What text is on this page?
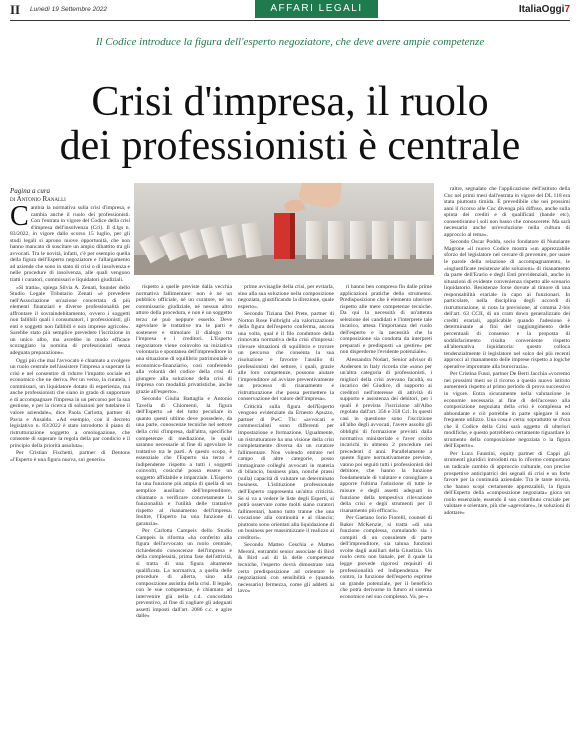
II Lunedì 19 Settembre 2022	AFFARI LEGALI	ItaliaOggi7
Il Codice introduce la figura dell'esperto negoziatore, che deve avere ampie competenze
Crisi d'impresa, il ruolo
dei professionisti è centrale
Pagina a cura
di Antonio Ranalli

Cambia la normativa sulla crisi d'impresa, e cambia anche il ruolo dei professionisti. Con l'entrata in vigore del Codice della crisi d'impresa dell'insolvenza (Cci). Il d.lgs n. 83/2022, in vigore dallo scorso 15 luglio, per gli studi legali si aprono nuove opportunità, che non hanno mancato di suscitare un ampio dibattito tra gli avvocati. Tra le novità, infatti, c'è per esempio quella della figura dell'Esperto negoziatore e l'allargamento ad aziende che sono in stato di crisi o di insolvenza e nelle procedure di insolvenza, alle quali vengono tratti i curatori, commissari e liquidatori giudiziali.

«Si tratta», spiega Silvia A. Zenati, founder dello Studio Legale Tributario Zenati «è prevedere nell'Associazione un'azione concertata di più elementi finanziari e diverse professionalità per affrontare il sovraindebitamento, ovvero i soggetti non fallibili quali i consumatori, i professionisti, gli enti e soggetti non fallibili e non imprese agricole». Sarebbe stato più semplice prevedere l'iscrizione in un unico albo, ma avrebbe in modo efficace scoraggiato la nomina di professionisti senza adeguata preparazione».

Oggi più che mai l'avvocato è chiamato a svolgere un ruolo centrale nell'assistere l'impresa a superare la crisi e nel consentire di ridurre l'impatto sociale ed economico che ne deriva. Per un verso, la curatela, i commissari, un liquidatore dotato di esperienza, ma anche professionisti che siano in grado di supportare e di accompagnare l'impresa in un percorso per la sua gestione, e per la ricerca di soluzioni per tutelarne il valore aziendale», dice Paola Carlotta, partner di Pavia e Ansaldo. «Ad esempio, con il decreto legislativo n. 83/2022 è stato introdotto il piano di ristrutturazione soggetto a omologazione, che consente di superare la regola della par condicio e il principio della priorità assoluta».

Per Cristian Fischetti, partner di Dentons «l'Esperto è una figura nuova, sui generis»

rispetto a quelle previste dalla vecchia normativa fallimentare: non è né un pubblico ufficiale, né un curatore, né un commissario giudiziale, né nessun altro attore della procedura, e non è un soggetto terzo né può neppure esserlo. Deve agevolare le trattative tra le parti e sostenere e stimolare il dialogo tra l'impresa e i creditori. L'Esperto negoziatore viene coinvolto su iniziativa volontaria e spontanea dell'imprenditore in una situazione di squilibrio patrimoniale o economico-finanziario, così conferendo alla volontà del codice della crisi di giungere alla soluzione della crisi di impresa con modalità privatistiche, anche grazie all'esperto».

Secondo Giulia Battaglia e Antonio Tavella di Chiomenti, la figura dell'Esperto «è del tutto peculiare in quanto questi ultimo deve possedere, da una parte, conoscenze tecniche nel settore della crisi d'impresa, dall'altra, specifiche competenze di mediazione, le quali saranno necessarie al fine di agevolare le trattative tra le parti. A questo scopo, è essenziale che l'Esperto sia terzo e indipendente rispetto a tutti i soggetti coinvolti, cosicché possa essere un soggetto affidabile e imparziale. L'Esperto ha una funzione più ampia di quella di un semplice ausiliario dell'imprenditore, chiamato a verificare concretamente la funzionalità e l'utilità delle trattative rispetto al risanamento dell'impresa. Inoltre, l'Esperto ha una funzione di garanzia».

Per Carlotta Campeis dello Studio Campeis la riforma «ha conferito alla figura dell'avvocato un ruolo centrale, richiedendo conoscenze dell'impresa e della complessità, prima fase dell'attività, si tratta di una figura altamente qualificata. La normativa, a quella delle procedure di allerta, sino alla composizione assistita della crisi. Il legale, con le sue competenze, è chiamato ad intervenire già nella c.d. concordato preventivo, al fine di vagliare gli adeguati assetti imposti dall'art. 2086 c.c. e agire dalle»

prime avvisaglie della crisi, per evitarla, sino alla sua soluzione nella composizione negoziata, giustificando la direzione, quale esperto».

Secondo Tiziana Del Prete, partner di Norton Rose Fulbright «la valorizzazione della figura dell'esperto conferma, ancora una volta, qual è il filo conduttore della rinnovata normativa della crisi d'impresa: rilevare situazioni di squilibrio e trovare un percorso che consenta la sua risoluzione e favorire l'ausilio di professionisti del settore, i quali, grazie alle loro competenze, possono aiutare l'imprenditore ad avviare preventivamente un processo di risanamento e ristrutturazione che possa permettere la conservazione del valore dell'impresa».

Criticità sulla figura dell'Esperto vengono evidenziate da Ernesto Apuzzo, partner di PwC Tls: «avvocati e commercialisti sono differenti per impostazione e formazione. Ugualmente, un ristrutturatore ha una visione della crisi completamente diversa da un curatore fallimentare. Non volendo entrare nel campo di altre categorie, posso immaginare colleghi avvocati in materia di bilancio, business plan, nonché prassi (sulla) capacità di valutare un determinato business. L'istituzione professionale dell'Esperto rappresenta un'altra criticità. Se si va a vedere le liste degli Esperti, si potrà osservare come molti siano curatori fallimentari, hanno tutto tranne che una vocazione alla continuità e al rilancio; piuttosto sono orientati alla liquidazione di un business per massimizzare il realizzo ai creditori».

Secondo Matteo Ceschia e Matteo Meroni, entrambi senior associate di Bird & Bird «al di là delle competenze tecniche, l'esperto dovrà dimostrare una certa predisposizione ad orientare le negoziazioni con sensibilità e (quando necessario) fermezza, come gli addetti ai lavo»

ri hanno ben compreso fin dalle prime applicazioni pratiche dello strumento. Predisposizione che è elemento ulteriore rispetto alle mere competenze tecniche. Da qui la necessità di un'attenta selezione dei candidati e l'interprete tale incarico, attesa l'importanza del ruolo dell'esperto e la necessità che la composizione sia condotta da interpreti preparati e predisposti «a gestire» per non disperderne l'evidente potenziale».

Alessandra Nodari, Senior advisor di Andersen in Italy ricorda che «sono per un'altra categoria di professionisti, i migliori della crisi avevano facoltà, su incarico del Giudice, di supporto ai creditori nell'interesse di attività di supporto e assistenza dei debitori, per i quali è prevista l'iscrizione all'Albo regolato dall'art. 356 e 358 Cci. In questi casi in questione sono l'iscrizione all'albo degli avvocati, l'avere assolto gli obblighi di formazione previsti dalla normativa ministeriale e l'aver svolto incarichi in almeno 2 procedure nei precedenti 4 anni. Parallelamente a queste figure normativamente previste, vanno poi seguiti tutti i professionisti del debitore, che hanno la funzione fondamentale di valutare e consigliare a apporre l'ultima l'adozione di tutte le misure e degli assetti adeguati in funzione della tempestiva rilevazione della crisi e degli strumenti per il risanamento più efficaci».

Per Gaetano Iorio Fiorelli, counsel di Baker McKenzie, si tratta «di una funzione complessa, cumulando sia i compiti di un consulente di parte dell'imprenditore, sia taluna funzioni svolte dagli ausiliari della Giustizia. Un ruolo certo non banale, per il quale la legge prevede rigorosi requisiti di professionalità ed indipendenza. Per contro, la funzione dell'esperto esprime un grande potenziale, per il beneficio che potrà derivarne in futuro al sistema economico nel suo complesso. Va, pe-»

raltre, segnalato che l'applicazione dell'istituto della Cnc nei primi mesi dall'entrata in vigore del DL 118 era stata piuttosto timida. È prevedibile che nei prossimi anni il ricorso alle Cnc divenga più diffuso, anche sulla spinta dei crediti e di qualificati (bande etc), consentiranno i soli non basso che conoscerete. Ma sarà necessario anche un'evoluzione nella cultura di approccio al tema».

Secondo Oscar Podda, socio fondatore di Nunziante Magrone «il nuovo Codice mostra «un apprezzabile sforzo del legislatore nel cercare di prevenire, per usare le parole della relazione di accompagnamento, le «ingiustificate resistenze alle soluzioni» di risanamento da parte dell'Erario e degli Enti previdenziali, anche in situazioni di evidente convenienza rispetto alle scenario liquidatorio. Resistenze forse dovute al timore di una responsabilità erariale in capo ai funzionari. In particolare, nella disciplina degli accordi di ristrutturazione, si nota la previsione, al comma 2-bis dell'art. 63 CCII, di un cram down generalizzato dei crediti erariali, applicabile quando l'adesione è determinante ai fini del raggiungimento delle percentuali di consenso e la proposta di soddisfacimento risulta conveniente rispetto all'alternativa liquidatoria: questo colloca tendenzialmente il legislatore nel solco dei più recenti approcci al risanamento delle imprese rispetto a logiche operative improntate alla burocrazia».

Per Cristina Fussi, partner De Berti Jacchia «vorremo nei prossimi mesi se il ricorso a questo nuovo istituto aumenterà rispetto al primo periodo di prova successivo in vigore. Entra sicuramente nella valutazione le economie necessaria al fine di dell'accesso alla composizione negoziata della crisi è complessa ed abbondante e ciò potrebbe in parte spiegare il non frequente utilizzo. Una cosa è certa: soprattutto se d'ora che il Codice della Crisi sarà oggetto di ulteriori modifiche, e questo potrebbero certamente riguardare lo strumento della composizione negoziata o la figura dell'Esperto».

Per Luca Faustini, equity partner di Cappi gli strumenti giuridici introdotti ma lo riformo comportano un radicale cambio di approccio culturale, con precise prospettive anticipatrici dei segnali di crisi e un forte favore per la continuità aziendale. Tra le tante novità, che hanno scopi certamente apprezzabili, la figura dell'Esperto della «composizione negoziata» gioca un ruolo essenziale, essendo il suo contributo cruciale per valutare e orientare, più che «agevolare», le soluzioni di adottare»
